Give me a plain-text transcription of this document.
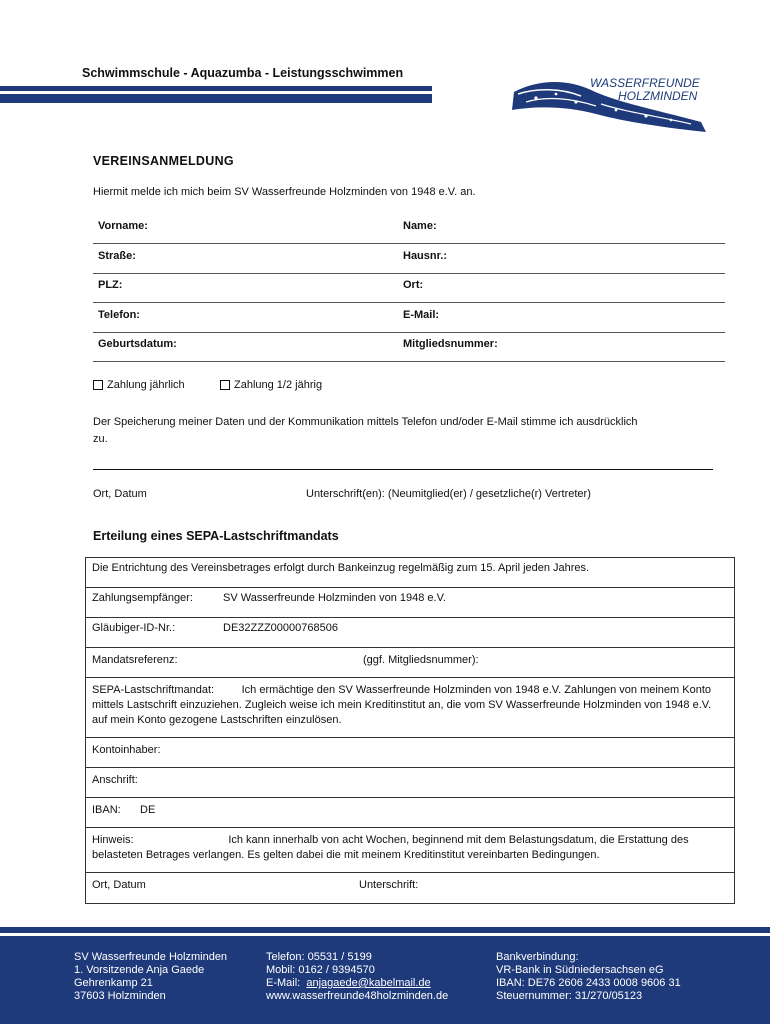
Schwimmschule - Aquazumba - Leistungsschwimmen
WASSERFREUNDE
HOLZMINDEN
VEREINSANMELDUNG
Hiermit melde ich mich beim SV Wasserfreunde Holzminden von 1948 e.V. an.
Vorname:	Name:
Straße:	Hausnr.:
PLZ:	Ort:
Telefon:	E-Mail:
Geburtsdatum:	Mitgliedsnummer:
Zahlung jährlich	Zahlung 1/2 jährig
Der Speicherung meiner Daten und der Kommunikation mittels Telefon und/oder E-Mail stimme ich ausdrücklich zu.
Ort, Datum	Unterschrift(en): (Neumitglied(er) / gesetzliche(r) Vertreter)
Erteilung eines SEPA-Lastschriftmandats
Die Entrichtung des Vereinsbetrages erfolgt durch Bankeinzug regelmäßig zum 15. April jeden Jahres.
Zahlungsempfänger:	SV Wasserfreunde Holzminden von 1948 e.V.
Gläubiger-ID-Nr.:	DE32ZZZ00000768506
Mandatsreferenz:	(ggf. Mitgliedsnummer):
SEPA-Lastschriftmandat:	Ich ermächtige den SV Wasserfreunde Holzminden von 1948 e.V. Zahlungen von meinem Konto mittels Lastschrift einzuziehen. Zugleich weise ich mein Kreditinstitut an, die vom SV Wasserfreunde Holzminden von 1948 e.V. auf mein Konto gezogene Lastschriften einzulösen.
Kontoinhaber:
Anschrift:
IBAN: DE
Hinweis:	Ich kann innerhalb von acht Wochen, beginnend mit dem Belastungsdatum, die Erstattung des belasteten Betrages verlangen. Es gelten dabei die mit meinem Kreditinstitut vereinbarten Bedingungen.
Ort, Datum	Unterschrift:
SV Wasserfreunde Holzminden
1. Vorsitzende Anja Gaede
Gehrenkamp 21
37603 Holzminden
Telefon: 05531 / 5199
Mobil: 0162 / 9394570
E-Mail: anjagaede@kabelmail.de
www.wasserfreunde48holzminden.de
Bankverbindung:
VR-Bank in Südniedersachsen eG
IBAN: DE76 2606 2433 0008 9606 31
Steuernummer: 31/270/05123
